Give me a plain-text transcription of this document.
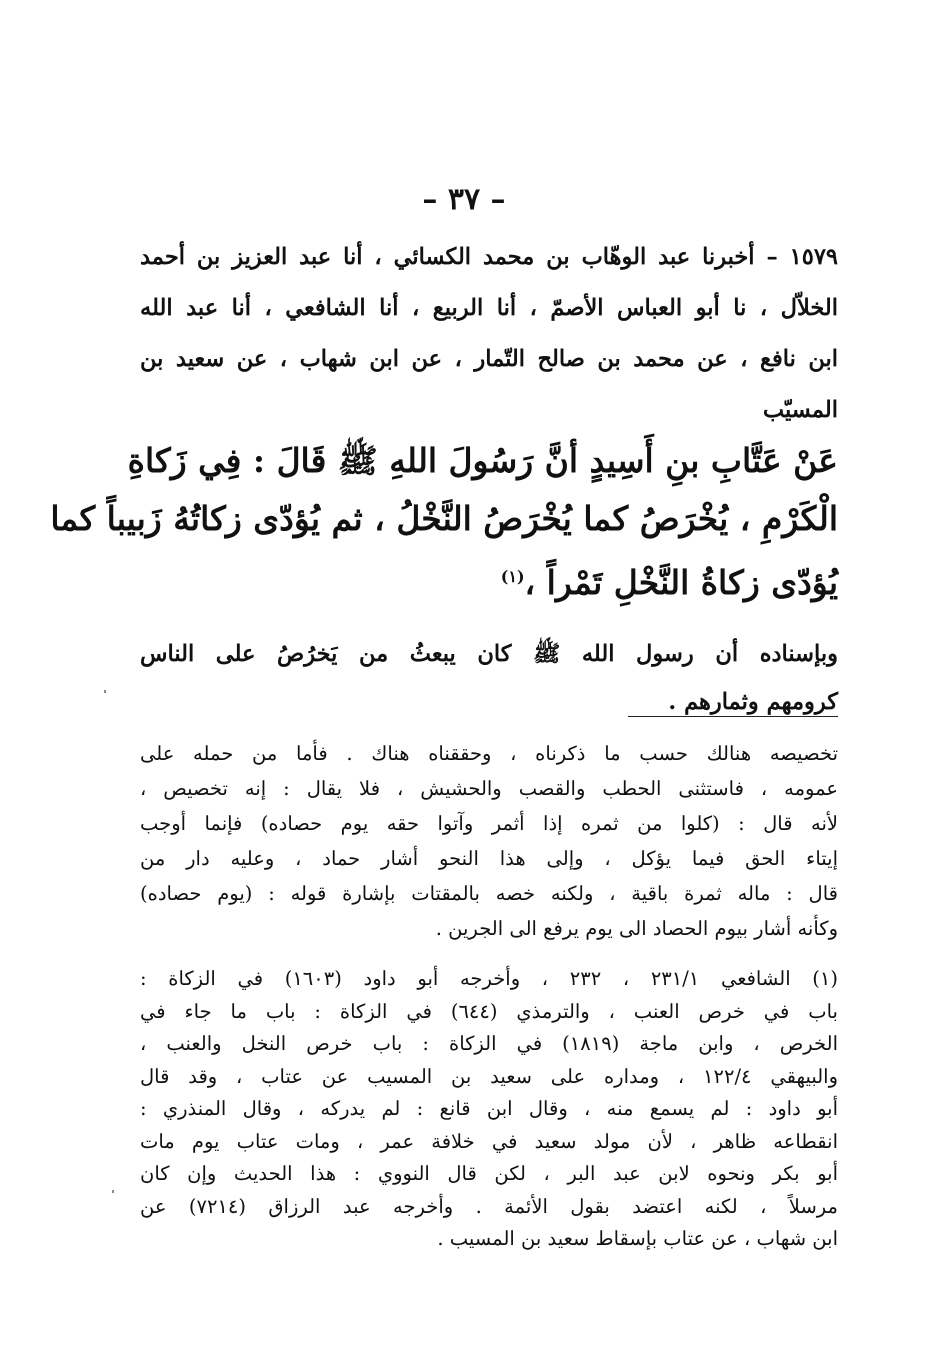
– ٣٧ –
١٥٧٩ – أخبرنا عبد الوهّاب بن محمد الكسائي ، أنا عبد العزيز بن أحمد
الخلاّل ، نا أبو العباس الأصمّ ، أنا الربيع ، أنا الشافعي ، أنا عبد الله
ابن نافع ، عن محمد بن صالح التّمار ، عن ابن شهاب ، عن سعيد بن
المسيّب
عَنْ عَتَّابِ بنِ أَسِيدٍ أنَّ رَسُولَ اللهِ ﷺ قَالَ : فِي زَكاةِ
الْكَرْمِ ، يُخْرَصُ كما يُخْرَصُ النَّخْلُ ، ثم يُؤدّى زكاتُهُ زَبيباً كما
يُؤدّى زكاةُ النَّخْلِ تَمْراً ،$^{(١)}$
وبإسناده أن رسول الله ﷺ كان يبعثُ من يَخرُصُ على الناس
كرومهم وثمارهم .
تخصيصه هنالك حسب ما ذكرناه ، وحققناه هناك . فأما من حمله على
عمومه ، فاستثنى الحطب والقصب والحشيش ، فلا يقال : إنه تخصيص ،
لأنه قال : (كلوا من ثمره إذا أثمر وآتوا حقه يوم حصاده) فإنما أوجب
إيتاء الحق فيما يؤكل ، وإلى هذا النحو أشار حماد ، وعليه دار من
قال : ماله ثمرة باقية ، ولكنه خصه بالمقتات بإشارة قوله : (يوم حصاده)
وكأنه أشار بيوم الحصاد الى يوم يرفع الى الجرين .
(١) الشافعي ٢٣١/١ ، ٢٣٢ ، وأخرجه أبو داود (١٦٠٣) في الزكاة :
باب في خرص العنب ، والترمذي (٦٤٤) في الزكاة : باب ما جاء في
الخرص ، وابن ماجة (١٨١٩) في الزكاة : باب خرص النخل والعنب ،
والبيهقي ١٢٢/٤ ، ومداره على سعيد بن المسيب عن عتاب ، وقد قال
أبو داود : لم يسمع منه ، وقال ابن قانع : لم يدركه ، وقال المنذري :
انقطاعه ظاهر ، لأن مولد سعيد في خلافة عمر ، ومات عتاب يوم مات
أبو بكر ونحوه لابن عبد البر ، لكن قال النووي : هذا الحديث وإن كان
مرسلاً ، لكنه اعتضد بقول الأئمة . وأخرجه عبد الرزاق (٧٢١٤) عن
ابن شهاب ، عن عتاب بإسقاط سعيد بن المسيب .
